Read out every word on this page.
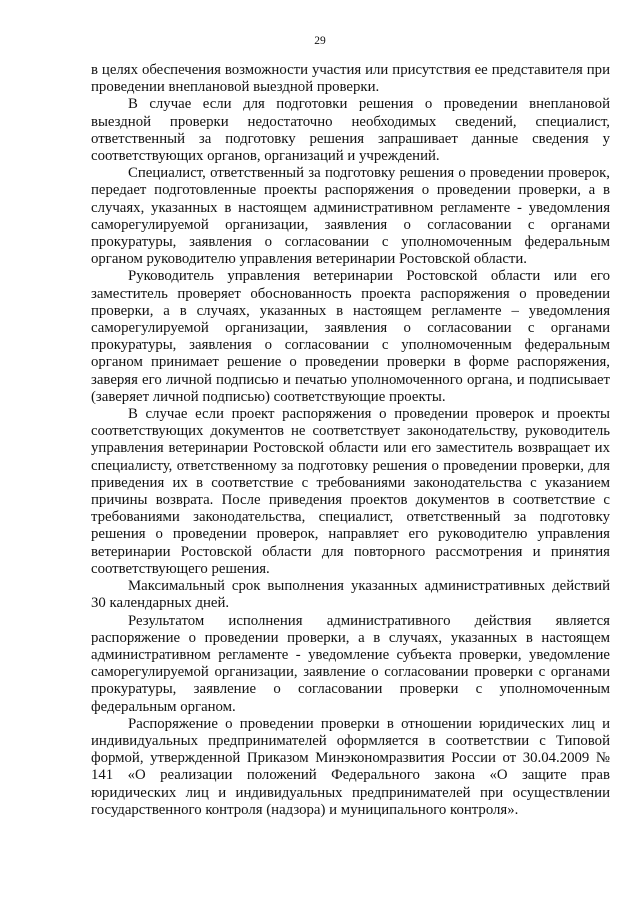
29

в целях обеспечения возможности участия или присутствия ее представителя при проведении внеплановой выездной проверки.

В случае если для подготовки решения о проведении внеплановой выездной проверки недостаточно необходимых сведений, специалист, ответственный за подготовку решения запрашивает данные сведения у соответствующих органов, организаций и учреждений.

Специалист, ответственный за подготовку решения о проведении проверок, передает подготовленные проекты распоряжения о проведении проверки, а в случаях, указанных в настоящем административном регламенте - уведомления саморегулируемой организации, заявления о согласовании с органами прокуратуры, заявления о согласовании с уполномоченным федеральным органом руководителю управления ветеринарии Ростовской области.

Руководитель управления ветеринарии Ростовской области или его заместитель проверяет обоснованность проекта распоряжения о проведении проверки, а в случаях, указанных в настоящем регламенте – уведомления саморегулируемой организации, заявления о согласовании с органами прокуратуры, заявления о согласовании с уполномоченным федеральным органом принимает решение о проведении проверки в форме распоряжения, заверяя его личной подписью и печатью уполномоченного органа, и подписывает (заверяет личной подписью) соответствующие проекты.

В случае если проект распоряжения о проведении проверок и проекты соответствующих документов не соответствует законодательству, руководитель управления ветеринарии Ростовской области или его заместитель возвращает их специалисту, ответственному за подготовку решения о проведении проверки, для приведения их в соответствие с требованиями законодательства с указанием причины возврата. После приведения проектов документов в соответствие с требованиями законодательства, специалист, ответственный за подготовку решения о проведении проверок, направляет его руководителю управления ветеринарии Ростовской области для повторного рассмотрения и принятия соответствующего решения.

Максимальный срок выполнения указанных административных действий 30 календарных дней.

Результатом исполнения административного действия является распоряжение о проведении проверки, а в случаях, указанных в настоящем административном регламенте - уведомление субъекта проверки, уведомление саморегулируемой организации, заявление о согласовании проверки с органами прокуратуры, заявление о согласовании проверки с уполномоченным федеральным органом.

Распоряжение о проведении проверки в отношении юридических лиц и индивидуальных предпринимателей оформляется в соответствии с Типовой формой, утвержденной Приказом Минэкономразвития России от 30.04.2009 № 141 «О реализации положений Федерального закона «О защите прав юридических лиц и индивидуальных предпринимателей при осуществлении государственного контроля (надзора) и муниципального контроля».
